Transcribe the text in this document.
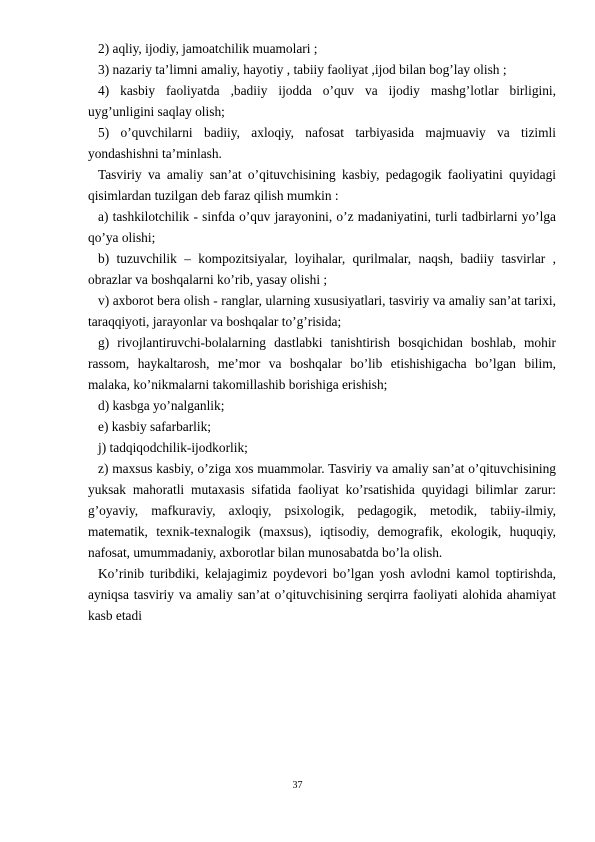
2) aqliy, ijodiy, jamoatchilik muamolari ;

3) nazariy ta’limni amaliy, hayotiy , tabiiy faoliyat ,ijod bilan bog’lay olish ;

4) kasbiy faoliyatda ,badiiy ijodda o’quv va ijodiy mashg’lotlar birligini, uyg’unligini saqlay olish;

5) o’quvchilarni badiiy, axloqiy, nafosat tarbiyasida majmuaviy va tizimli yondashishni ta’minlash.

Tasviriy va amaliy san’at o’qituvchisining kasbiy, pedagogik faoliyatini quyidagi qisimlardan tuzilgan deb faraz qilish mumkin :

a) tashkilotchilik - sinfda o’quv jarayonini, o’z madaniyatini, turli tadbirlarni yo’lga qo’ya olishi;

b) tuzuvchilik – kompozitsiyalar, loyihalar, qurilmalar, naqsh, badiiy tasvirlar , obrazlar va boshqalarni ko’rib, yasay olishi ;

v) axborot bera olish - ranglar, ularning xususiyatlari, tasviriy va amaliy san’at tarixi, taraqqiyoti, jarayonlar va boshqalar to’g’risida;

g) rivojlantiruvchi-bolalarning dastlabki tanishtirish bosqichidan boshlab, mohir rassom, haykaltarosh, me’mor va boshqalar bo’lib etishishigacha bo’lgan bilim, malaka, ko’nikmalarni takomillashib borishiga erishish;

d) kasbga yo’nalganlik;

e) kasbiy safarbarlik;

j) tadqiqodchilik-ijodkorlik;

z) maxsus kasbiy, o’ziga xos muammolar. Tasviriy va amaliy san’at o’qituvchisining yuksak mahoratli mutaxasis sifatida faoliyat ko’rsatishida quyidagi bilimlar zarur: g’oyaviy, mafkuraviy, axloqiy, psixologik, pedagogik, metodik, tabiiy-ilmiy, matematik, texnik-texnalogik (maxsus), iqtisodiy, demografik, ekologik, huquqiy, nafosat, umummadaniy, axborotlar bilan munosabatda bo’la olish.

Ko’rinib turibdiki, kelajagimiz poydevori bo’lgan yosh avlodni kamol toptirishda, ayniqsa tasviriy va amaliy san’at o’qituvchisining serqirra faoliyati alohida ahamiyat kasb etadi

37
